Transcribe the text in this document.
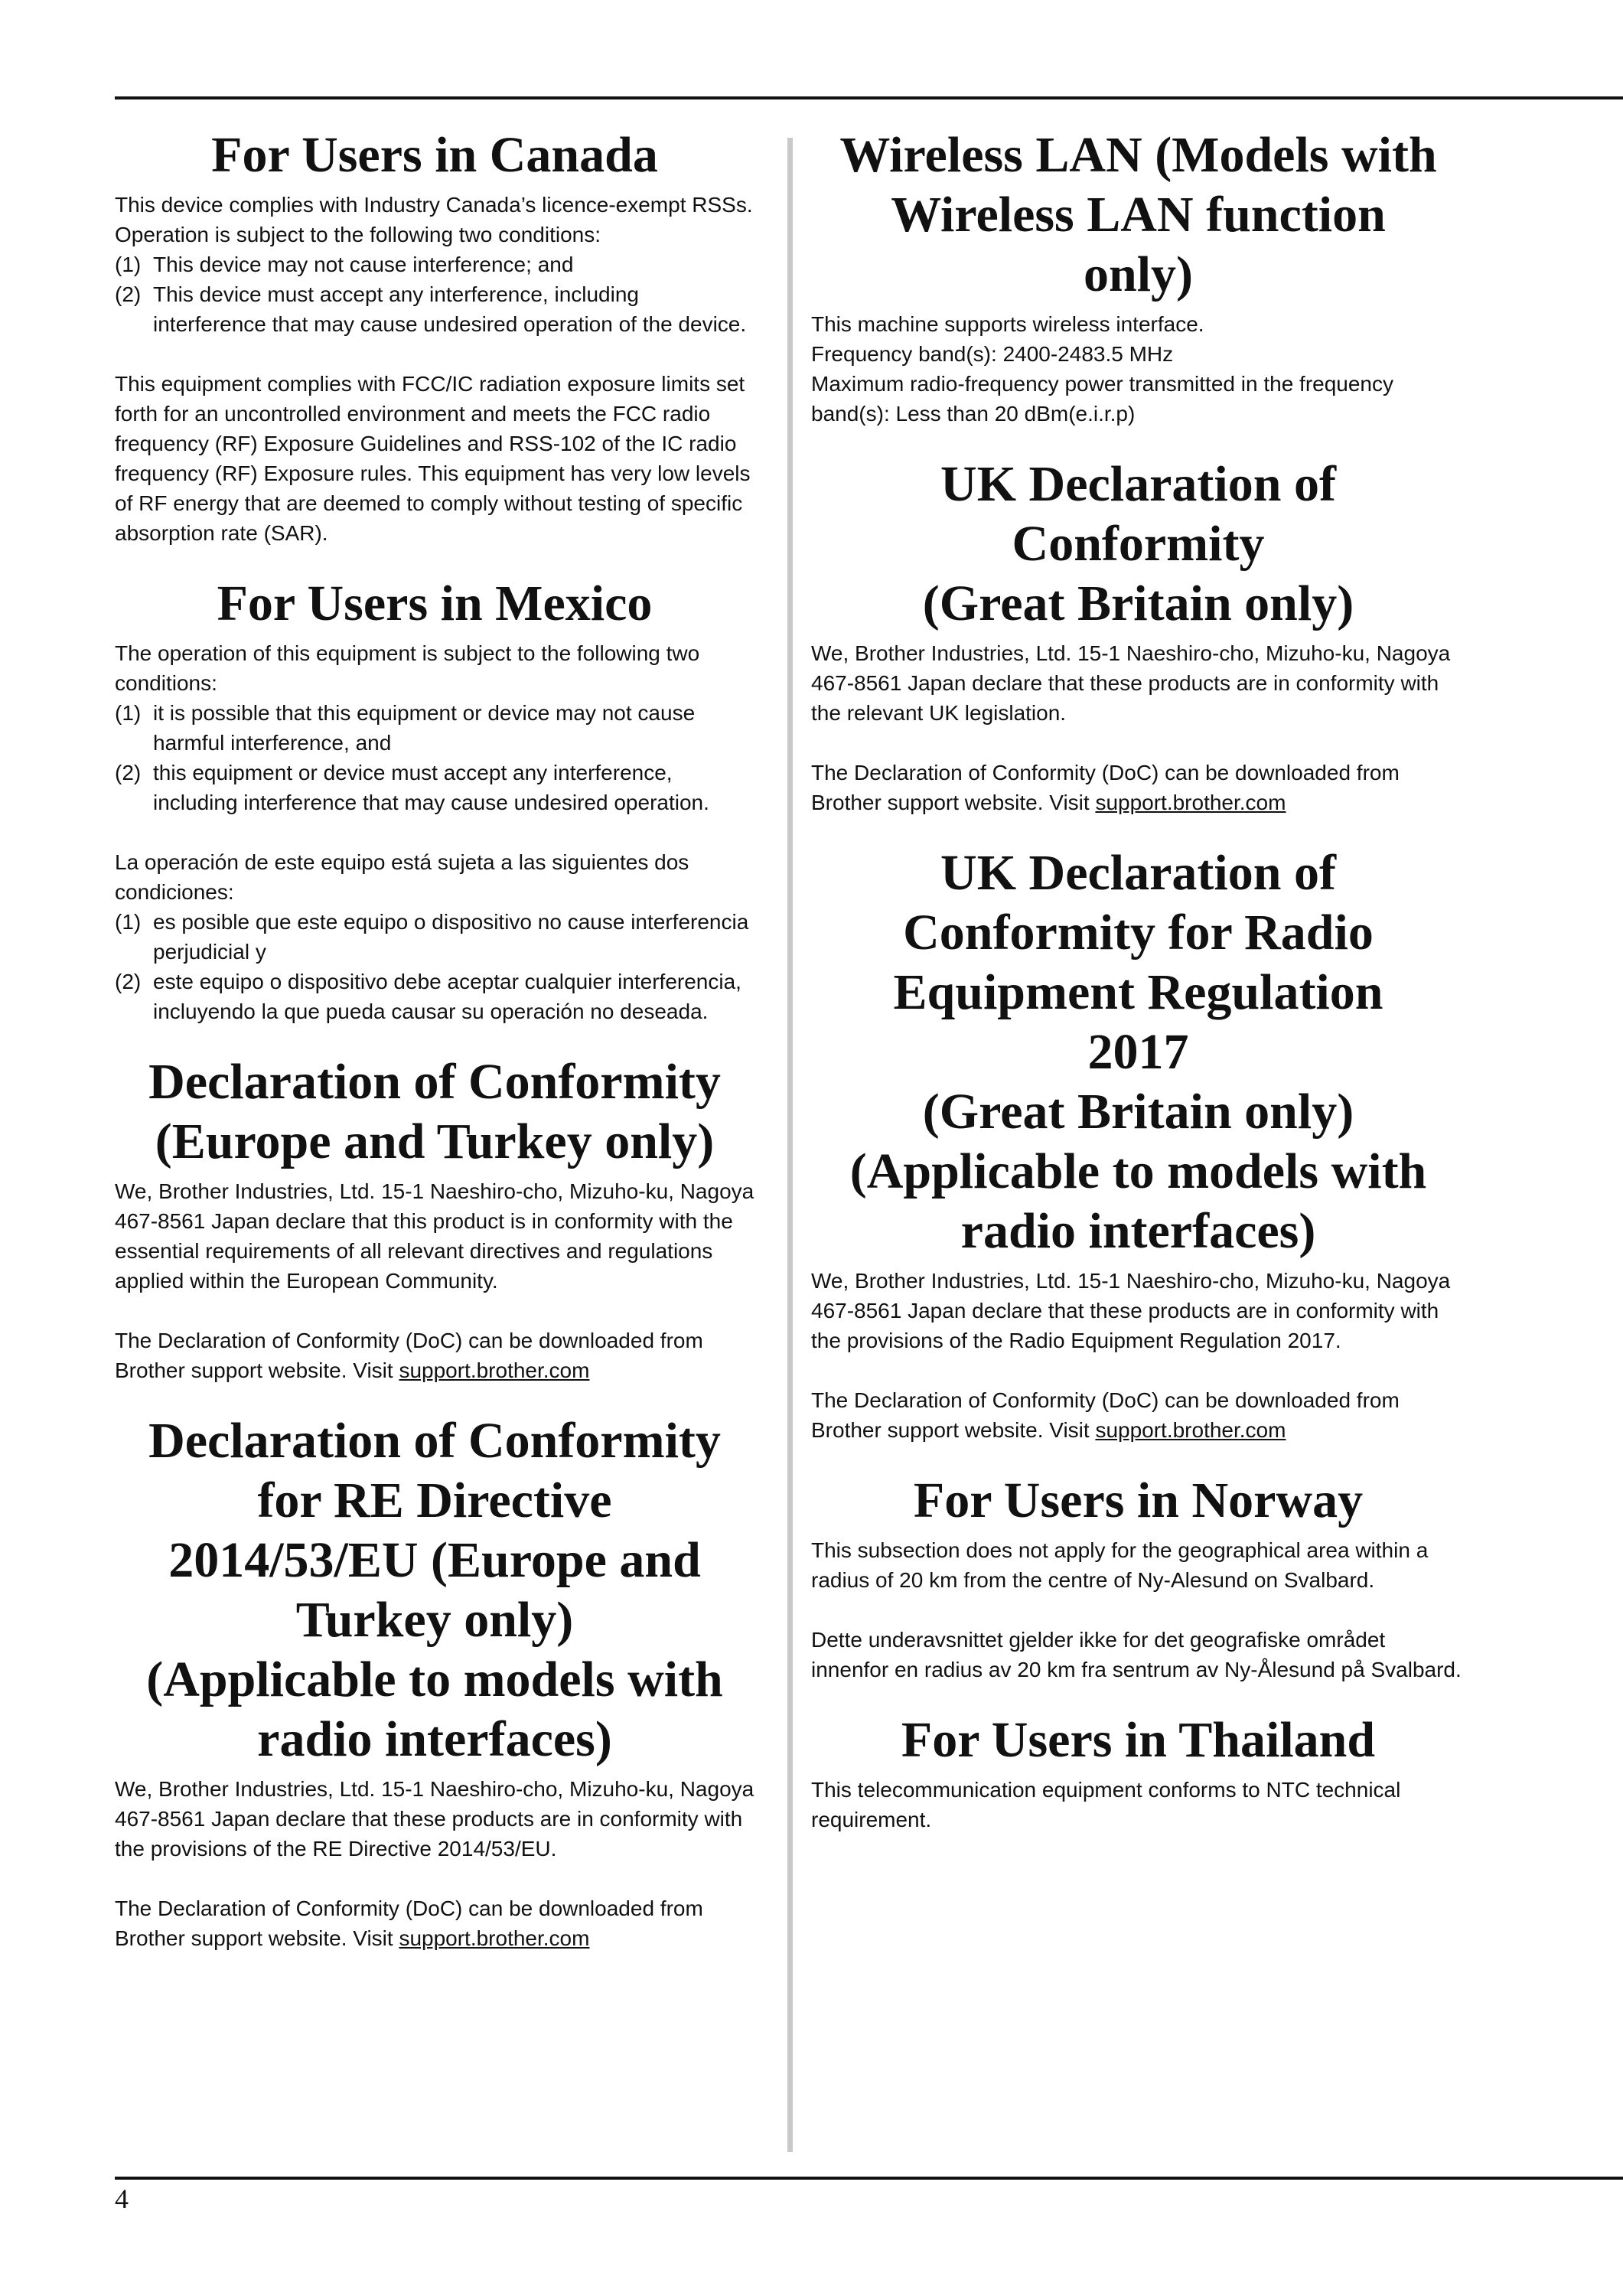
For Users in Canada

This device complies with Industry Canada’s licence-exempt RSSs. Operation is subject to the following two conditions:

(1) This device may not cause interference; and
(2) This device must accept any interference, including interference that may cause undesired operation of the device.

This equipment complies with FCC/IC radiation exposure limits set forth for an uncontrolled environment and meets the FCC radio frequency (RF) Exposure Guidelines and RSS-102 of the IC radio frequency (RF) Exposure rules. This equipment has very low levels of RF energy that are deemed to comply without testing of specific absorption rate (SAR).

For Users in Mexico

The operation of this equipment is subject to the following two conditions:

(1) it is possible that this equipment or device may not cause harmful interference, and
(2) this equipment or device must accept any interference, including interference that may cause undesired operation.

La operación de este equipo está sujeta a las siguientes dos condiciones:

(1) es posible que este equipo o dispositivo no cause interferencia perjudicial y
(2) este equipo o dispositivo debe aceptar cualquier interferencia, incluyendo la que pueda causar su operación no deseada.
Declaration of Conformity
(Europe and Turkey only)

We, Brother Industries, Ltd. 15-1 Naeshiro-cho, Mizuho-ku, Nagoya 467-8561 Japan declare that this product is in conformity with the essential requirements of all relevant directives and regulations applied within the European Community.

The Declaration of Conformity (DoC) can be downloaded from Brother support website. Visit support.brother.com

Declaration of Conformity
for RE Directive
2014/53/EU (Europe and
Turkey only)
(Applicable to models with
radio interfaces)

We, Brother Industries, Ltd. 15-1 Naeshiro-cho, Mizuho-ku, Nagoya 467-8561 Japan declare that these products are in conformity with the provisions of the RE Directive 2014/53/EU.

The Declaration of Conformity (DoC) can be downloaded from Brother support website. Visit support.brother.com

Wireless LAN (Models with
Wireless LAN function
only)

This machine supports wireless interface.

Frequency band(s): 2400-2483.5 MHz

Maximum radio-frequency power transmitted in the frequency band(s): Less than 20 dBm(e.i.r.p)

UK Declaration of
Conformity
(Great Britain only)

We, Brother Industries, Ltd. 15-1 Naeshiro-cho, Mizuho-ku, Nagoya 467-8561 Japan declare that these products are in conformity with the relevant UK legislation.

The Declaration of Conformity (DoC) can be downloaded from Brother support website. Visit support.brother.com

UK Declaration of
Conformity for Radio
Equipment Regulation
2017
(Great Britain only)
(Applicable to models with
radio interfaces)

We, Brother Industries, Ltd. 15-1 Naeshiro-cho, Mizuho-ku, Nagoya 467-8561 Japan declare that these products are in conformity with the provisions of the Radio Equipment Regulation 2017.

The Declaration of Conformity (DoC) can be downloaded from Brother support website. Visit support.brother.com

For Users in Norway

This subsection does not apply for the geographical area within a radius of 20 km from the centre of Ny-Alesund on Svalbard.

Dette underavsnittet gjelder ikke for det geografiske området innenfor en radius av 20 km fra sentrum av Ny-Ålesund på Svalbard.

For Users in Thailand

This telecommunication equipment conforms to NTC technical requirement.

4
